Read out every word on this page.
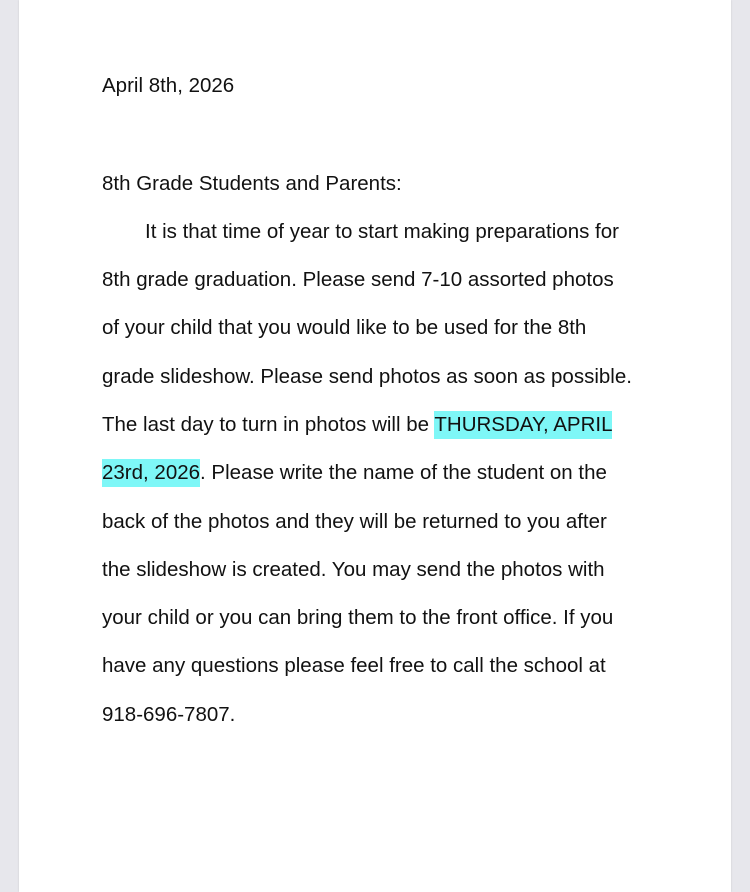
April 8th, 2026
8th Grade Students and Parents:
It is that time of year to start making preparations for
8th grade graduation. Please send 7-10 assorted photos
of your child that you would like to be used for the 8th
grade slideshow. Please send photos as soon as possible.
The last day to turn in photos will be THURSDAY, APRIL
23rd, 2026. Please write the name of the student on the
back of the photos and they will be returned to you after
the slideshow is created. You may send the photos with
your child or you can bring them to the front office. If you
have any questions please feel free to call the school at
918-696-7807.
